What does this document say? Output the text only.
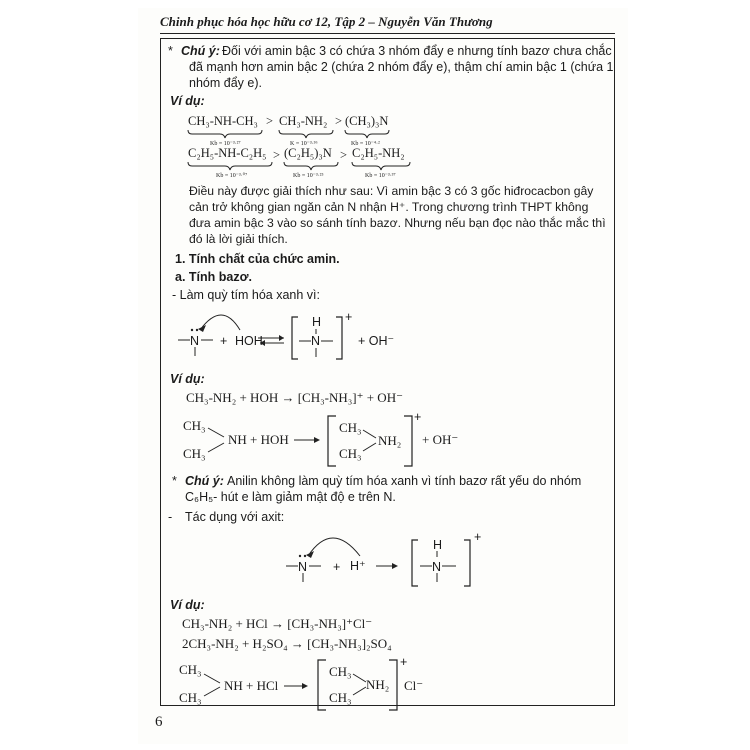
Chinh phục hóa học hữu cơ 12, Tập 2 – Nguyễn Văn Thương
* Chú ý: Đối với amin bậc 3 có chứa 3 nhóm đẩy e nhưng tính bazơ chưa chắc
đã mạnh hơn amin bậc 2 (chứa 2 nhóm đẩy e), thậm chí amin bậc 1 (chứa 1
nhóm đẩy e).
Ví dụ:
CH₃-NH-CH₃ > CH₃-NH₂ > (CH₃)₃N
Kb = 10⁻³·²⁷	K = 10⁻³·³⁶	Kb = 10⁻⁴·²
C₂H₅-NH-C₂H₅ > (C₂H₅)₃N > C₂H₅-NH₂
Kb = 10⁻³·⁰⁷	Kb = 10⁻³·²⁵	Kb = 10⁻³·³⁷
Điều này được giải thích như sau: Vì amin bậc 3 có 3 gốc hiđrocacbon gây
cản trở không gian ngăn cản N nhận H⁺. Trong chương trình THPT không
đưa amin bậc 3 vào so sánh tính bazơ. Nhưng nếu bạn đọc nào thắc mắc thì
đó là lời giải thích.
1. Tính chất của chức amin.
a. Tính bazơ.
- Làm quỳ tím hóa xanh vì:
N + HOH
H
N
+
+ OH⁻
Ví dụ:
CH₃-NH₂ + HOH → [CH₃-NH₃]⁺ + OH⁻
CH₃
CH₃
NH + HOH
CH₃
CH₃
NH₂
+
+ OH⁻
* Chú ý: Anilin không làm quỳ tím hóa xanh vì tính bazơ rất yếu do nhóm
C₆H₅- hút e làm giảm mật độ e trên N.
- Tác dụng với axit:
N + H⁺
H
N
+
Ví dụ:
CH₃-NH₂ + HCl → [CH₃-NH₃]⁺Cl⁻
2CH₃-NH₂ + H₂SO₄ → [CH₃-NH₃]₂SO₄
CH₃
CH₃
NH + HCl
CH₃
CH₃
NH₂
+
Cl⁻
6
